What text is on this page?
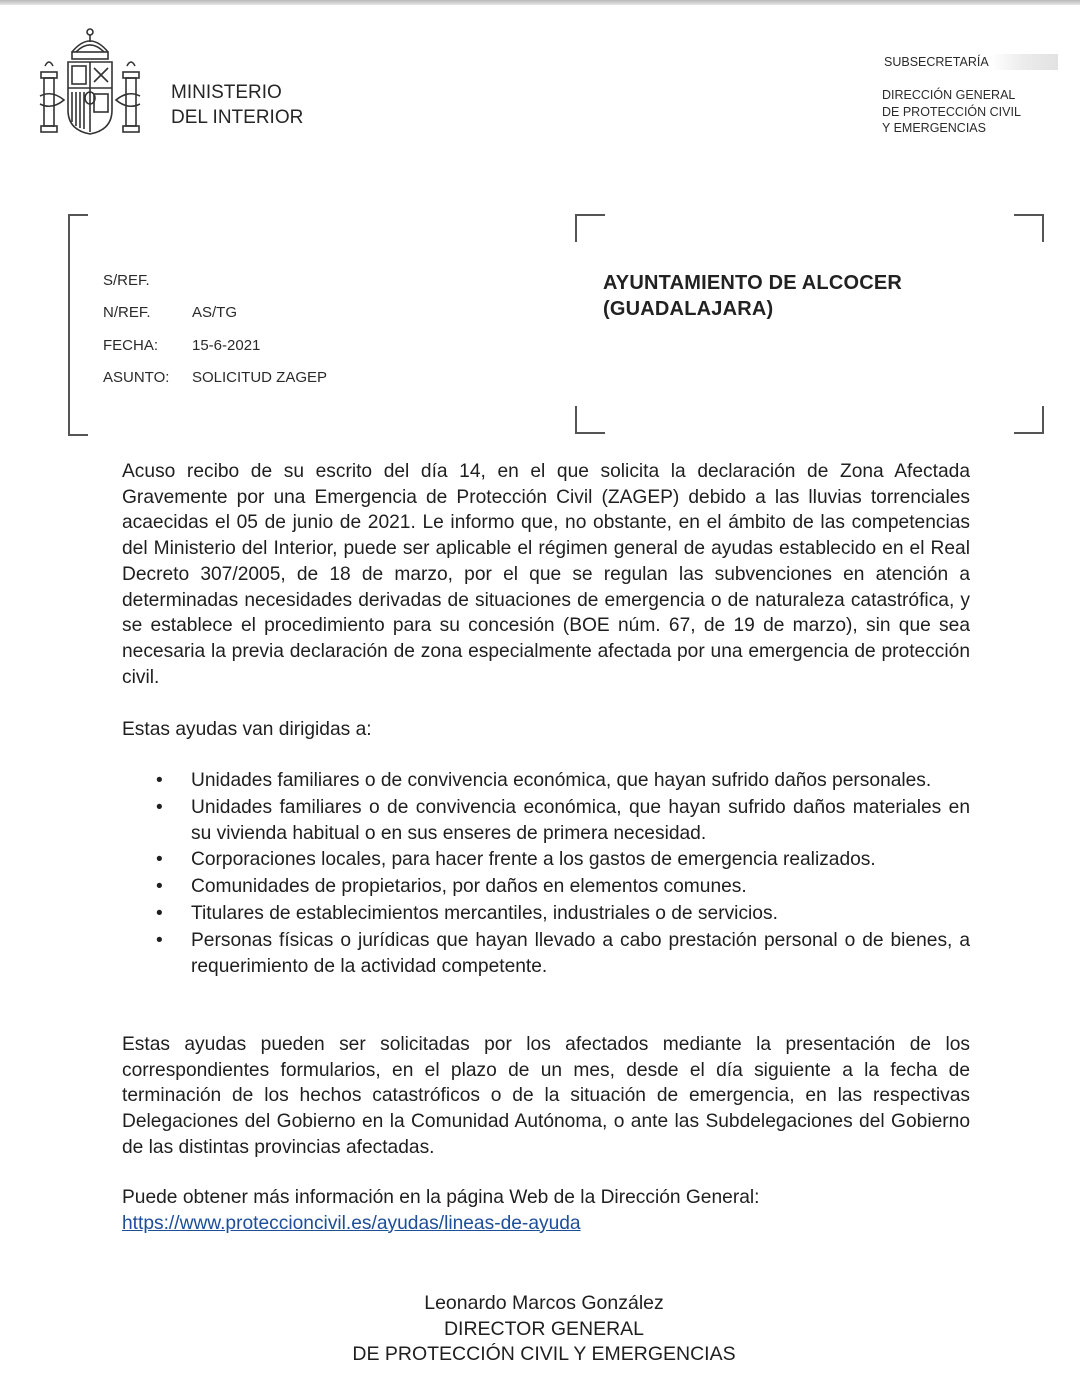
MINISTERIO
DEL INTERIOR
SUBSECRETARÍA
DIRECCIÓN GENERAL
DE PROTECCIÓN CIVIL
Y EMERGENCIAS
S/REF.
N/REF.	AS/TG
FECHA:	15-6-2021
ASUNTO:	SOLICITUD ZAGEP
AYUNTAMIENTO DE ALCOCER
(GUADALAJARA)
Acuso recibo de su escrito del día 14, en el que solicita la declaración de Zona Afectada Gravemente por una Emergencia de Protección Civil (ZAGEP) debido a las lluvias torrenciales acaecidas el 05 de junio de 2021. Le informo que, no obstante, en el ámbito de las competencias del Ministerio del Interior, puede ser aplicable el régimen general de ayudas establecido en el Real Decreto 307/2005, de 18 de marzo, por el que se regulan las subvenciones en atención a determinadas necesidades derivadas de situaciones de emergencia o de naturaleza catastrófica, y se establece el procedimiento para su concesión (BOE núm. 67, de 19 de marzo), sin que sea necesaria la previa declaración de zona especialmente afectada por una emergencia de protección civil.
Estas ayudas van dirigidas a:
• Unidades familiares o de convivencia económica, que hayan sufrido daños personales.
• Unidades familiares o de convivencia económica, que hayan sufrido daños materiales en su vivienda habitual o en sus enseres de primera necesidad.
• Corporaciones locales, para hacer frente a los gastos de emergencia realizados.
• Comunidades de propietarios, por daños en elementos comunes.
• Titulares de establecimientos mercantiles, industriales o de servicios.
• Personas físicas o jurídicas que hayan llevado a cabo prestación personal o de bienes, a requerimiento de la actividad competente.
Estas ayudas pueden ser solicitadas por los afectados mediante la presentación de los correspondientes formularios, en el plazo de un mes, desde el día siguiente a la fecha de terminación de los hechos catastróficos o de la situación de emergencia, en las respectivas Delegaciones del Gobierno en la Comunidad Autónoma, o ante las Subdelegaciones del Gobierno de las distintas provincias afectadas.
Puede obtener más información en la página Web de la Dirección General:
https://www.proteccioncivil.es/ayudas/lineas-de-ayuda
Leonardo Marcos González
DIRECTOR GENERAL
DE PROTECCIÓN CIVIL Y EMERGENCIAS
